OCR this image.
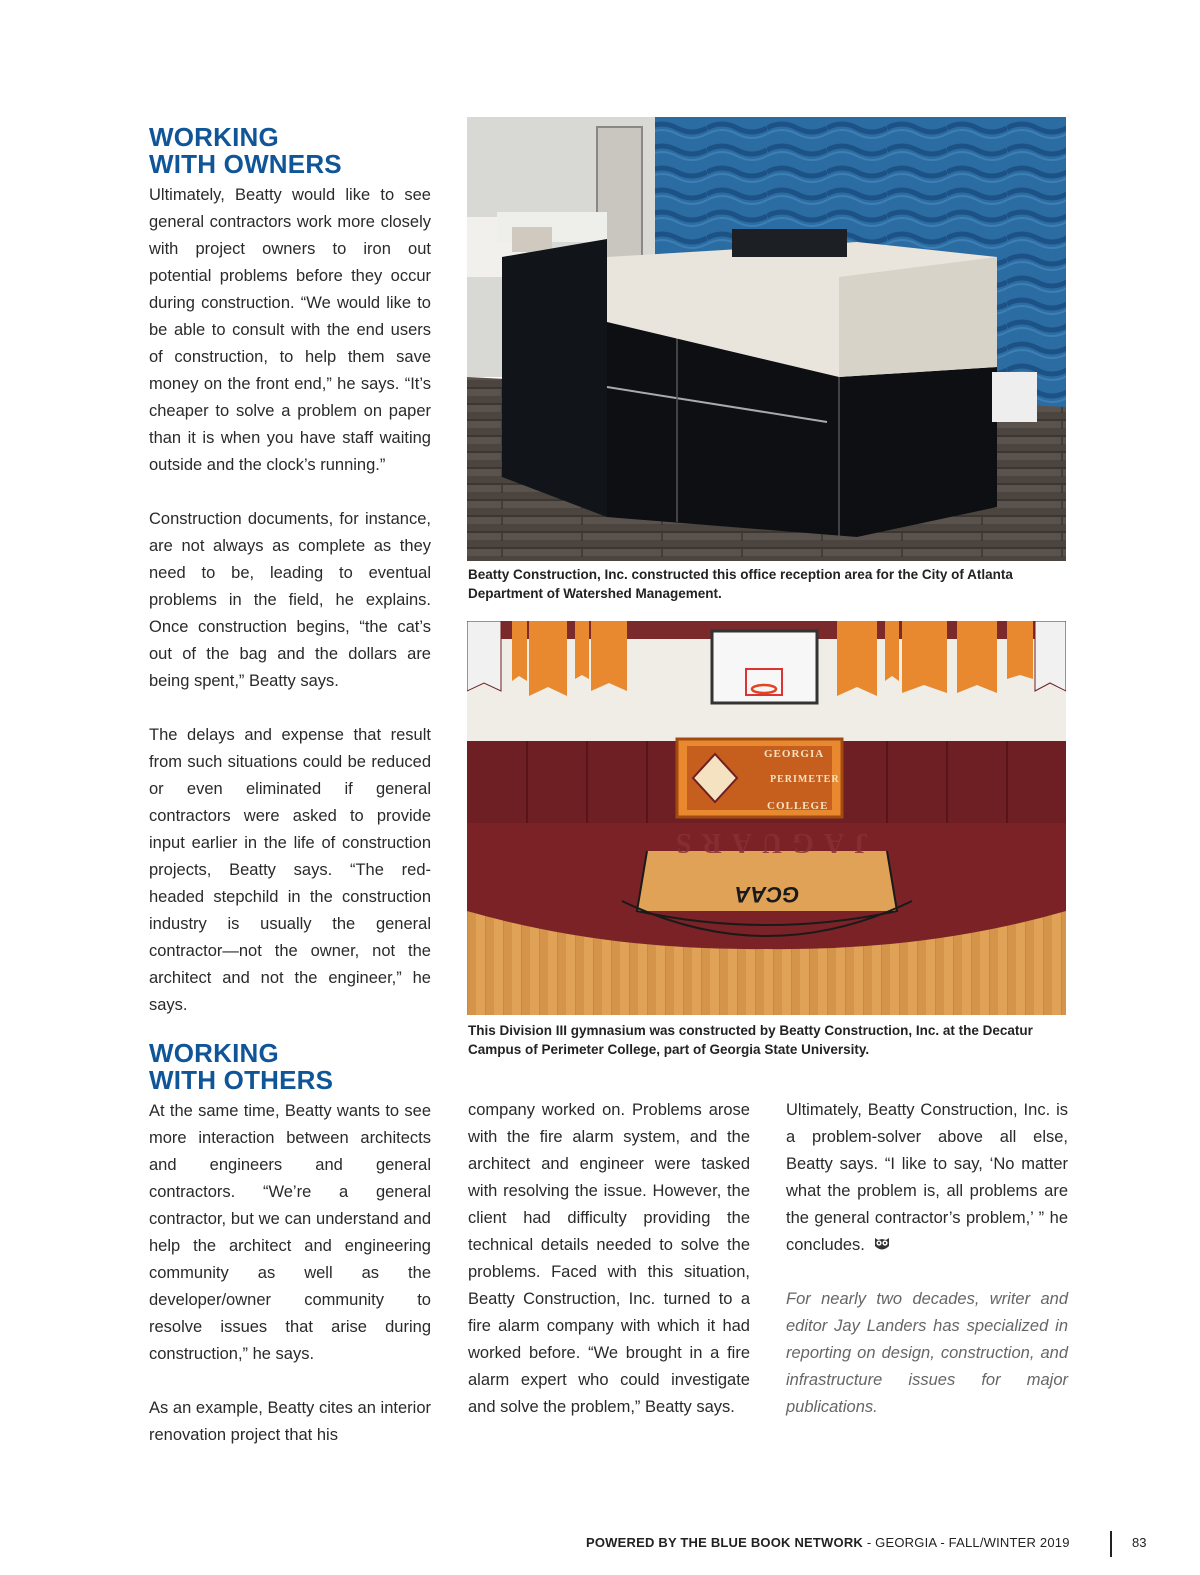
WORKING
WITH OWNERS

Ultimately, Beatty would like to see general contractors work more closely with project owners to iron out potential problems before they occur during construction. “We would like to be able to consult with the end users of construction, to help them save money on the front end,” he says. “It’s cheaper to solve a problem on paper than it is when you have staff waiting outside and the clock’s running.”

Construction documents, for instance, are not always as complete as they need to be, leading to eventual problems in the field, he explains. Once construction begins, “the cat’s out of the bag and the dollars are being spent,” Beatty says.

The delays and expense that result from such situations could be reduced or even eliminated if general contractors were asked to provide input earlier in the life of construction projects, Beatty says. “The red-headed stepchild in the construction industry is usually the general contractor—not the owner, not the architect and not the engineer,” he says.

WORKING
WITH OTHERS

At the same time, Beatty wants to see more interaction between architects and engineers and general contractors. “We’re a general contractor, but we can understand and help the architect and engineering community as well as the developer/owner community to resolve issues that arise during construction,” he says.

As an example, Beatty cites an interior renovation project that his

Beatty Construction, Inc. constructed this office reception area for the City of Atlanta Department of Watershed Management.
GEORGIA
PERIMETER
COLLEGE
JAGUARS
GCAA
This Division III gymnasium was constructed by Beatty Construction, Inc. at the Decatur Campus of Perimeter College, part of Georgia State University.

company worked on. Problems arose with the fire alarm system, and the architect and engineer were tasked with resolving the issue. However, the client had difficulty providing the technical details needed to solve the problems. Faced with this situation, Beatty Construction, Inc. turned to a fire alarm company with which it had worked before. “We brought in a fire alarm expert who could investigate and solve the problem,” Beatty says.

Ultimately, Beatty Construction, Inc. is a problem-solver above all else, Beatty says. “I like to say, ‘No matter what the problem is, all problems are the general contractor’s problem,’ ” he concludes.

For nearly two decades, writer and editor Jay Landers has specialized in reporting on design, construction, and infrastructure issues for major publications.

POWERED BY THE BLUE BOOK NETWORK - GEORGIA - FALL/WINTER 2019	83
